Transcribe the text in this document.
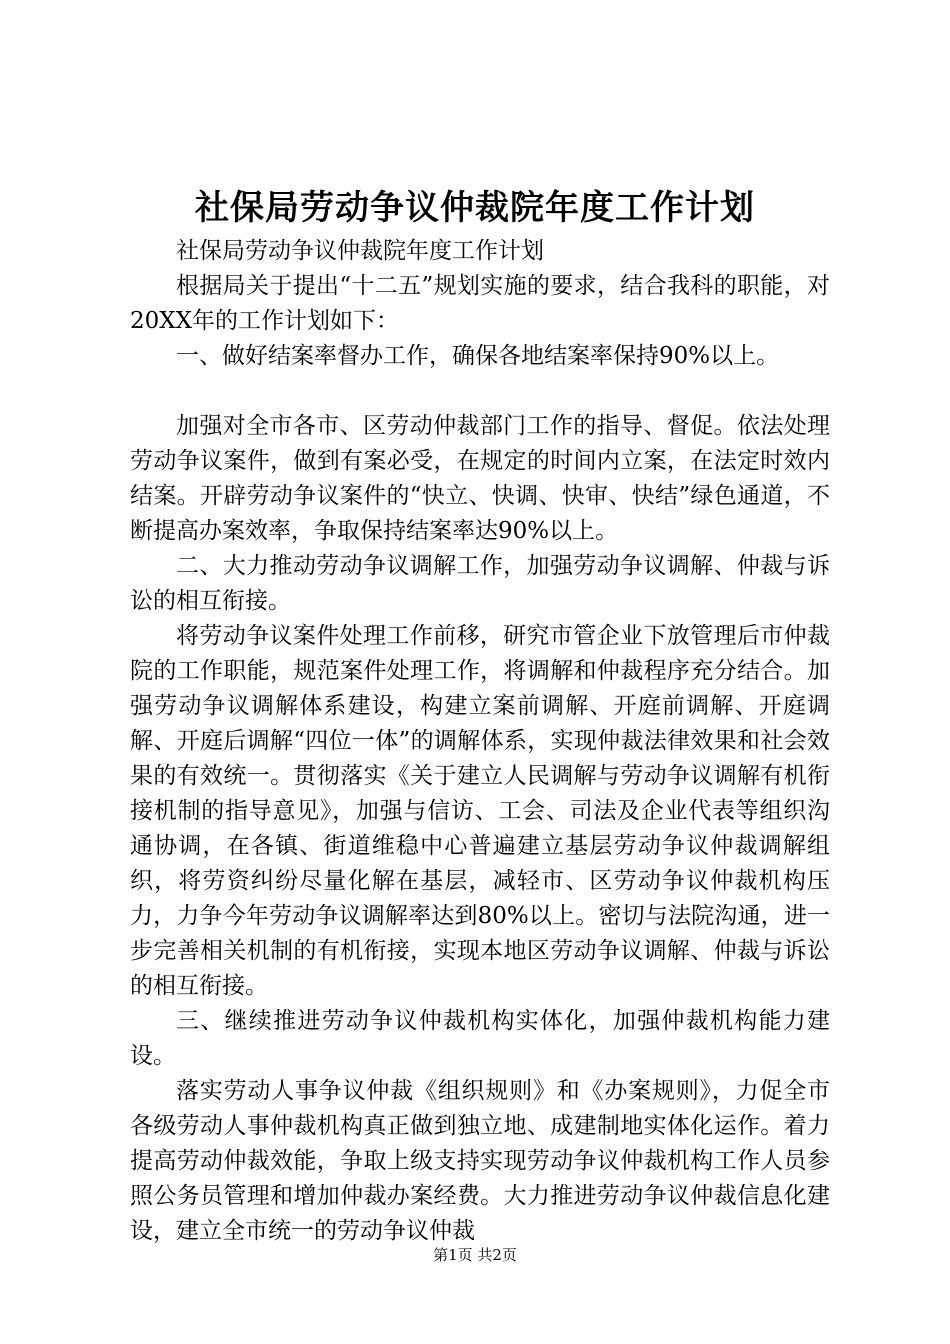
社保局劳动争议仲裁院年度工作计划

社保局劳动争议仲裁院年度工作计划

根据局关于提出“十二五”规划实施的要求，结合我科的职能，对20XX年的工作计划如下：

一、做好结案率督办工作，确保各地结案率保持90%以上。

加强对全市各市、区劳动仲裁部门工作的指导、督促。依法处理劳动争议案件，做到有案必受，在规定的时间内立案，在法定时效内结案。开辟劳动争议案件的“快立、快调、快审、快结”绿色通道，不断提高办案效率，争取保持结案率达90%以上。

二、大力推动劳动争议调解工作，加强劳动争议调解、仲裁与诉讼的相互衔接。

将劳动争议案件处理工作前移，研究市管企业下放管理后市仲裁院的工作职能，规范案件处理工作，将调解和仲裁程序充分结合。加强劳动争议调解体系建设，构建立案前调解、开庭前调解、开庭调解、开庭后调解“四位一体”的调解体系，实现仲裁法律效果和社会效果的有效统一。贯彻落实《关于建立人民调解与劳动争议调解有机衔接机制的指导意见》，加强与信访、工会、司法及企业代表等组织沟通协调，在各镇、街道维稳中心普遍建立基层劳动争议仲裁调解组织，将劳资纠纷尽量化解在基层，减轻市、区劳动争议仲裁机构压力，力争今年劳动争议调解率达到80%以上。密切与法院沟通，进一步完善相关机制的有机衔接，实现本地区劳动争议调解、仲裁与诉讼的相互衔接。

三、继续推进劳动争议仲裁机构实体化，加强仲裁机构能力建设。

落实劳动人事争议仲裁《组织规则》和《办案规则》，力促全市各级劳动人事仲裁机构真正做到独立地、成建制地实体化运作。着力提高劳动仲裁效能，争取上级支持实现劳动争议仲裁机构工作人员参照公务员管理和增加仲裁办案经费。大力推进劳动争议仲裁信息化建设，建立全市统一的劳动争议仲裁

第1页 共2页
